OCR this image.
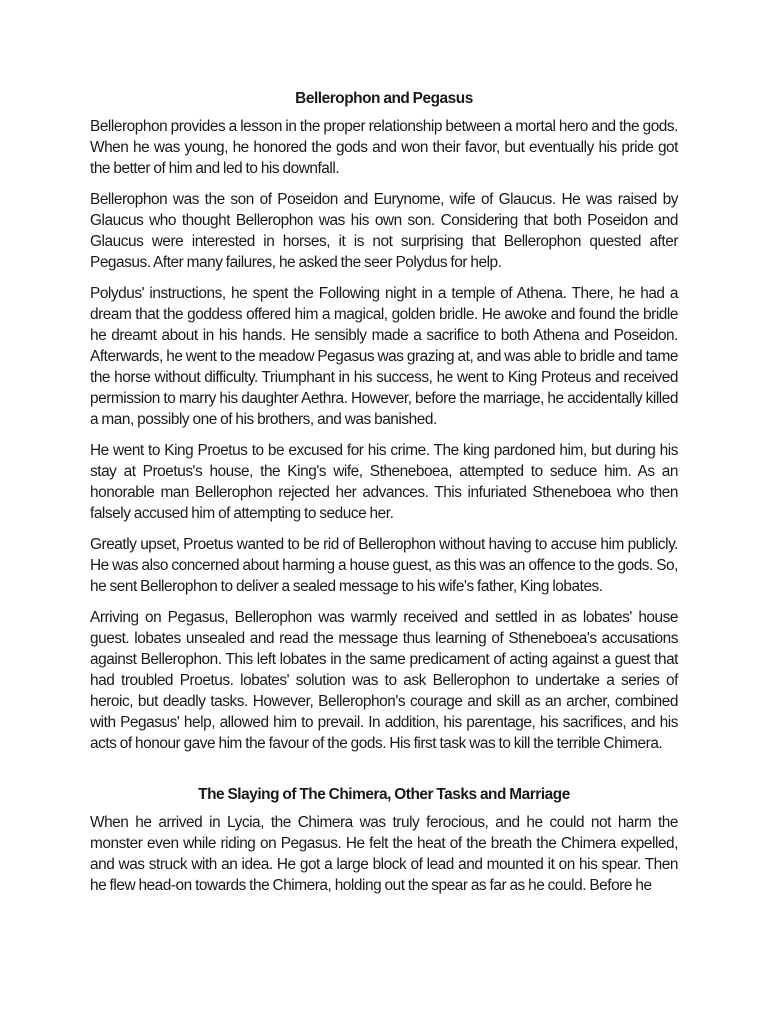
Bellerophon and Pegasus

Bellerophon provides a lesson in the proper relationship between a mortal hero and the gods. When he was young, he honored the gods and won their favor, but eventually his pride got the better of him and led to his downfall.

Bellerophon was the son of Poseidon and Eurynome, wife of Glaucus. He was raised by Glaucus who thought Bellerophon was his own son. Considering that both Poseidon and Glaucus were interested in horses, it is not surprising that Bellerophon quested after Pegasus. After many failures, he asked the seer Polydus for help.

Polydus' instructions, he spent the Following night in a temple of Athena. There, he had a dream that the goddess offered him a magical, golden bridle. He awoke and found the bridle he dreamt about in his hands. He sensibly made a sacrifice to both Athena and Poseidon. Afterwards, he went to the meadow Pegasus was grazing at, and was able to bridle and tame the horse without difficulty. Triumphant in his success, he went to King Proteus and received permission to marry his daughter Aethra. However, before the marriage, he accidentally killed a man, possibly one of his brothers, and was banished.

He went to King Proetus to be excused for his crime. The king pardoned him, but during his stay at Proetus's house, the King's wife, Stheneboea, attempted to seduce him. As an honorable man Bellerophon rejected her advances. This infuriated Stheneboea who then falsely accused him of attempting to seduce her.

Greatly upset, Proetus wanted to be rid of Bellerophon without having to accuse him publicly. He was also concerned about harming a house guest, as this was an offence to the gods. So, he sent Bellerophon to deliver a sealed message to his wife's father, King lobates.

Arriving on Pegasus, Bellerophon was warmly received and settled in as lobates' house guest. lobates unsealed and read the message thus learning of Stheneboea's accusations against Bellerophon. This left lobates in the same predicament of acting against a guest that had troubled Proetus. lobates' solution was to ask Bellerophon to undertake a series of heroic, but deadly tasks. However, Bellerophon's courage and skill as an archer, combined with Pegasus' help, allowed him to prevail. In addition, his parentage, his sacrifices, and his acts of honour gave him the favour of the gods. His first task was to kill the terrible Chimera.

The Slaying of The Chimera, Other Tasks and Marriage

When he arrived in Lycia, the Chimera was truly ferocious, and he could not harm the monster even while riding on Pegasus. He felt the heat of the breath the Chimera expelled, and was struck with an idea. He got a large block of lead and mounted it on his spear. Then he flew head-on towards the Chimera, holding out the spear as far as he could. Before he
